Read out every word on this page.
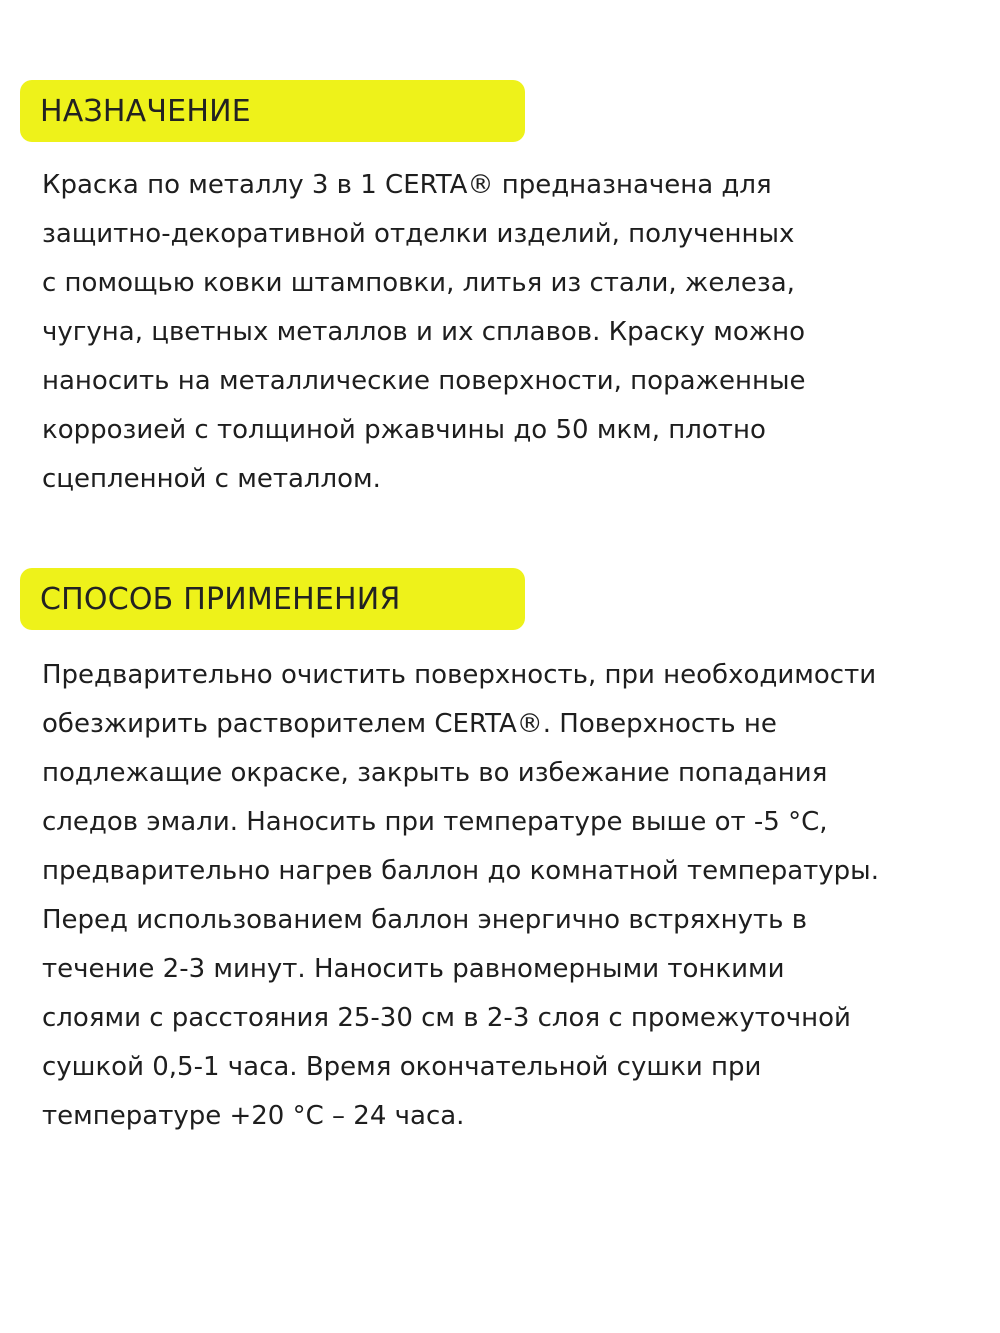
НАЗНАЧЕНИЕ

Краска по металлу 3 в 1 CERTA® предназначена для
защитно-декоративной отделки изделий, полученных
с помощью ковки штамповки, литья из стали, железа,
чугуна, цветных металлов и их сплавов. Краску можно
наносить на металлические поверхности, пораженные
коррозией с толщиной ржавчины до 50 мкм, плотно
сцепленной с металлом.

СПОСОБ ПРИМЕНЕНИЯ

Предварительно очистить поверхность, при необходимости
обезжирить растворителем CERTA®. Поверхность не
подлежащие окраске, закрыть во избежание попадания
следов эмали. Наносить при температуре выше от -5 °С,
предварительно нагрев баллон до комнатной температуры.
Перед использованием баллон энергично встряхнуть в
течение 2-3 минут. Наносить равномерными тонкими
слоями с расстояния 25-30 см в 2-3 слоя с промежуточной
сушкой 0,5-1 часа. Время окончательной сушки при
температуре +20 °С – 24 часа.
